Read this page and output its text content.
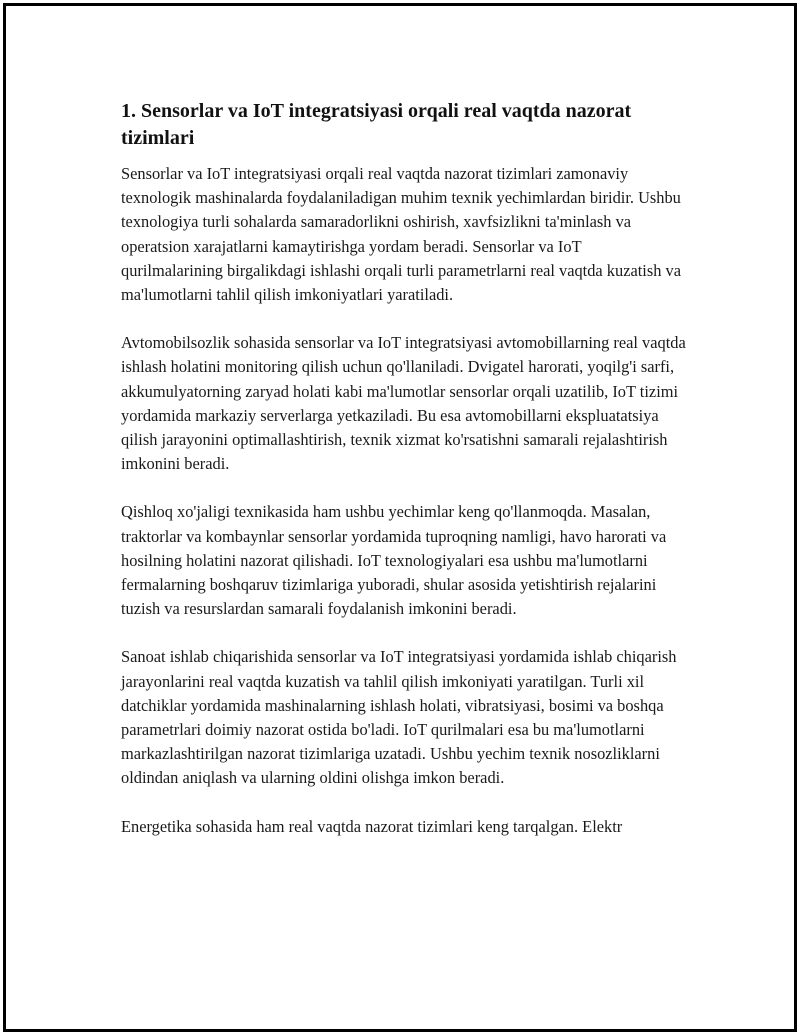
1. Sensorlar va IoT integratsiyasi orqali real vaqtda nazorat tizimlari

Sensorlar va IoT integratsiyasi orqali real vaqtda nazorat tizimlari zamonaviy texnologik mashinalarda foydalaniladigan muhim texnik yechimlardan biridir. Ushbu texnologiya turli sohalarda samaradorlikni oshirish, xavfsizlikni ta'minlash va operatsion xarajatlarni kamaytirishga yordam beradi. Sensorlar va IoT qurilmalarining birgalikdagi ishlashi orqali turli parametrlarni real vaqtda kuzatish va ma'lumotlarni tahlil qilish imkoniyatlari yaratiladi.

Avtomobilsozlik sohasida sensorlar va IoT integratsiyasi avtomobillarning real vaqtda ishlash holatini monitoring qilish uchun qo'llaniladi. Dvigatel harorati, yoqilg'i sarfi, akkumulyatorning zaryad holati kabi ma'lumotlar sensorlar orqali uzatilib, IoT tizimi yordamida markaziy serverlarga yetkaziladi. Bu esa avtomobillarni ekspluatatsiya qilish jarayonini optimallashtirish, texnik xizmat ko'rsatishni samarali rejalashtirish imkonini beradi.

Qishloq xo'jaligi texnikasida ham ushbu yechimlar keng qo'llanmoqda. Masalan, traktorlar va kombaynlar sensorlar yordamida tuproqning namligi, havo harorati va hosilning holatini nazorat qilishadi. IoT texnologiyalari esa ushbu ma'lumotlarni fermalarning boshqaruv tizimlariga yuboradi, shular asosida yetishtirish rejalarini tuzish va resurslardan samarali foydalanish imkonini beradi.

Sanoat ishlab chiqarishida sensorlar va IoT integratsiyasi yordamida ishlab chiqarish jarayonlarini real vaqtda kuzatish va tahlil qilish imkoniyati yaratilgan. Turli xil datchiklar yordamida mashinalarning ishlash holati, vibratsiyasi, bosimi va boshqa parametrlari doimiy nazorat ostida bo'ladi. IoT qurilmalari esa bu ma'lumotlarni markazlashtirilgan nazorat tizimlariga uzatadi. Ushbu yechim texnik nosozliklarni oldindan aniqlash va ularning oldini olishga imkon beradi.

Energetika sohasida ham real vaqtda nazorat tizimlari keng tarqalgan. Elektr
